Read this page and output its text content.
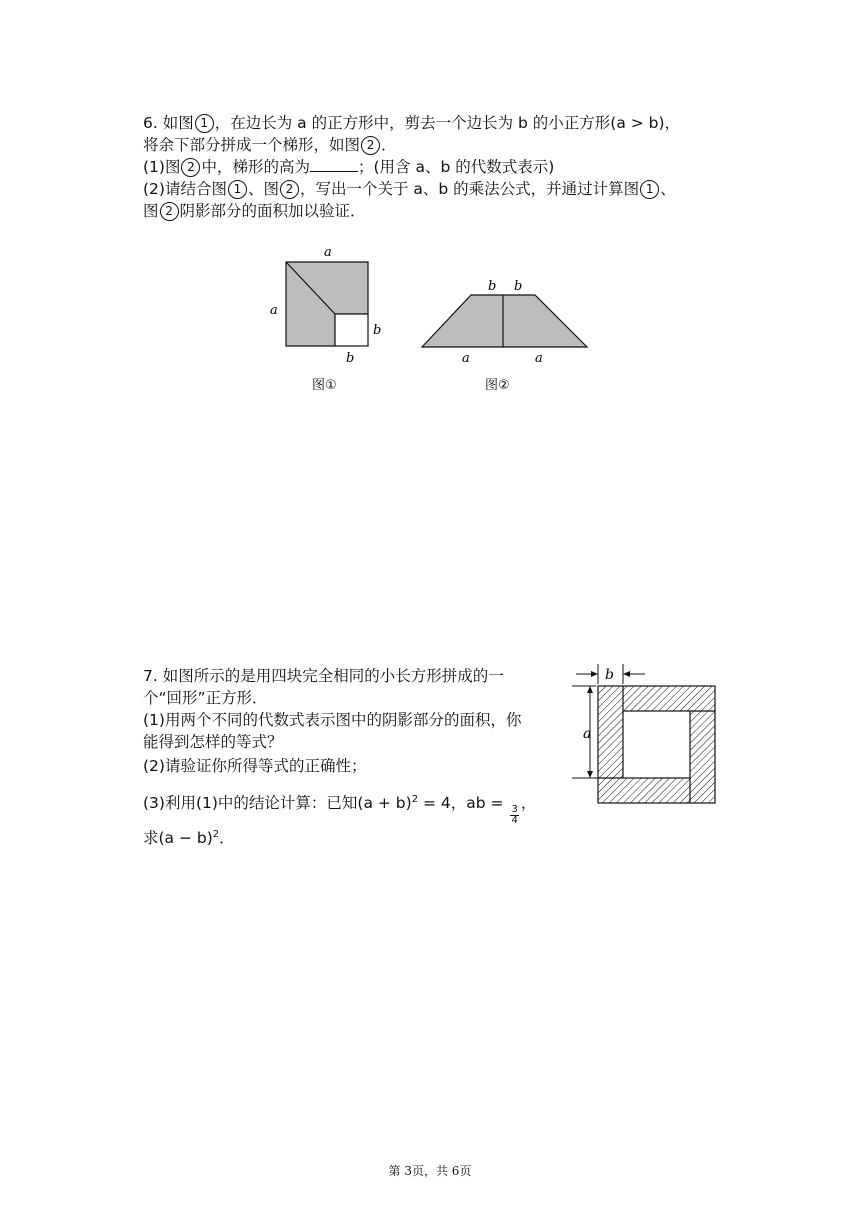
6. 如图 1 ，在边长为 a 的正方形中，剪去一个边长为 b 的小正方形(a > b)，
将余下部分拼成一个梯形，如图 2 ．
(1)图 2 中，梯形的高为	；(用含 a、b 的代数式表示)
(2)请结合图 1 、图 2 ，写出一个关于 a、b 的乘法公式，并通过计算图 1 、
图 2 阴影部分的面积加以验证．
a
a
b
b
图①
b b
a	a
图②
7. 如图所示的是用四块完全相同的小长方形拼成的一
个“回形”正方形．
(1)用两个不同的代数式表示图中的阴影部分的面积，你
能得到怎样的等式？
(2)请验证你所得等式的正确性；
(3)利用(1)中的结论计算：已知$(a + b)^2 = 4$，ab =
$\frac{3}{4}$
，
求$(a - b)^2$．
b
a
第 3页，共 6页
